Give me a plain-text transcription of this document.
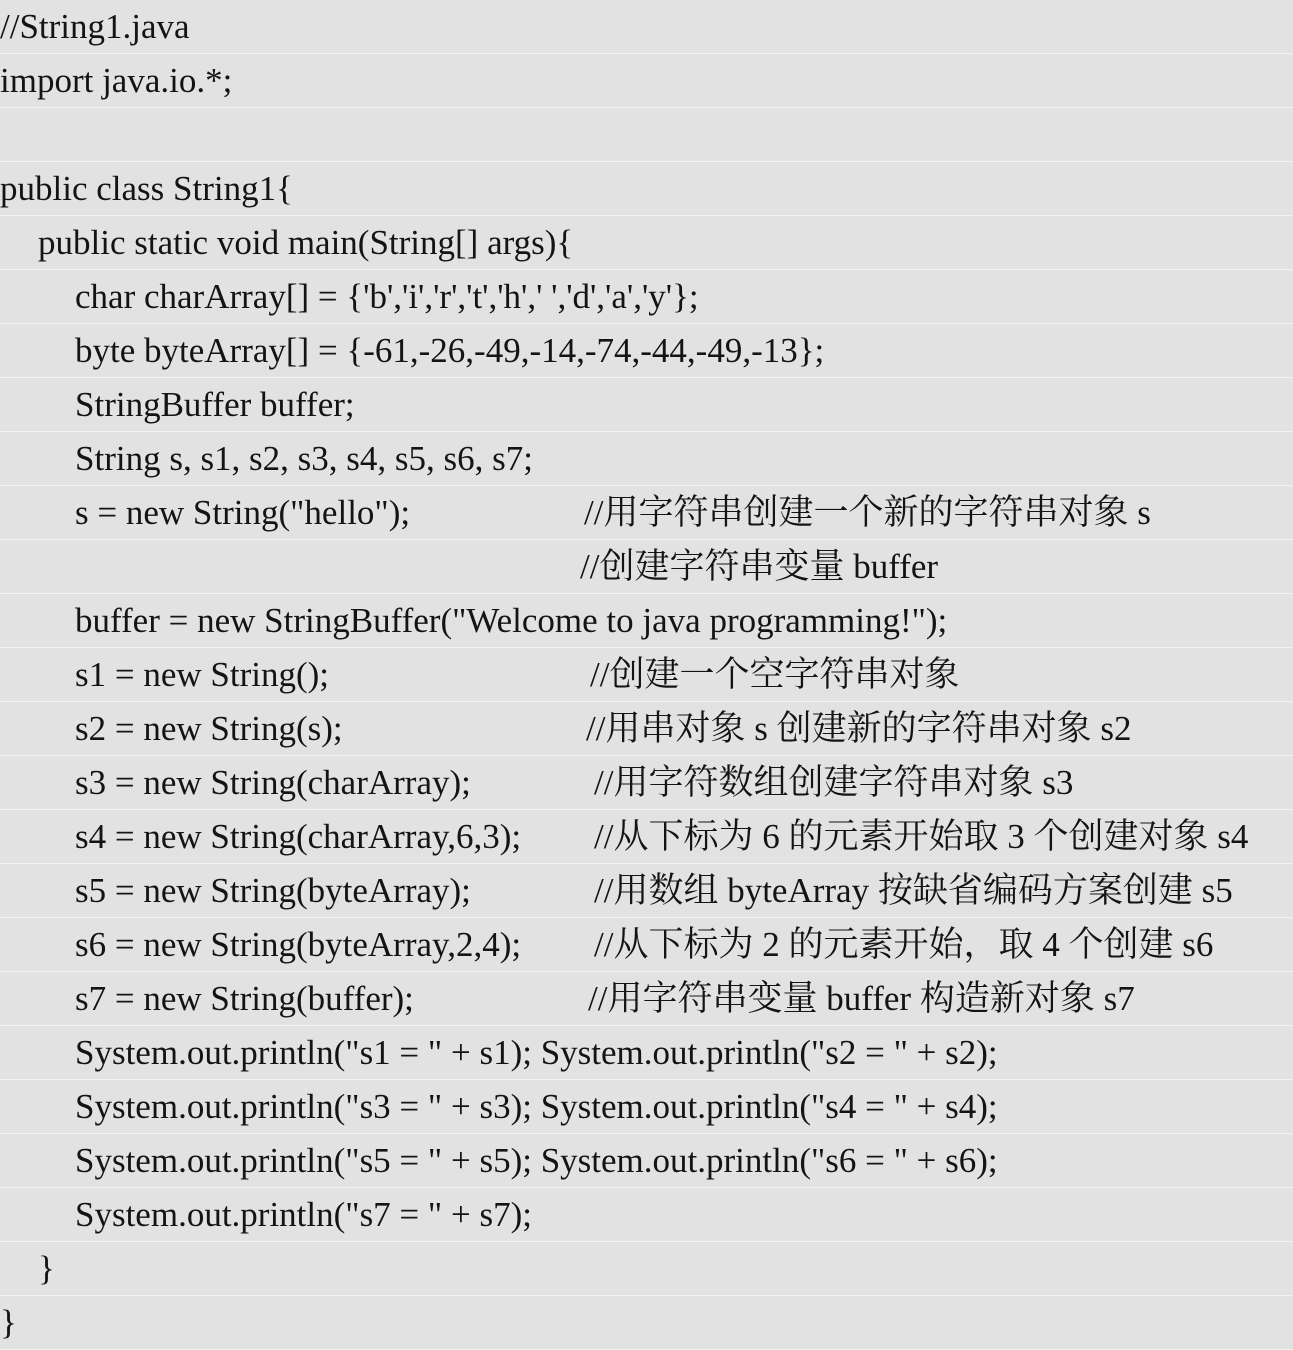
//String1.java
import java.io.*;
public class String1{
public static void main(String[] args){
char charArray[] = {'b','i','r','t','h',' ','d','a','y'};
byte byteArray[] = {-61,-26,-49,-14,-74,-44,-49,-13};
StringBuffer buffer;
String s, s1, s2, s3, s4, s5, s6, s7;
s = new String("hello");	//用字符串创建一个新的字符串对象 s
//创建字符串变量 buffer
buffer = new StringBuffer("Welcome to java programming!");
s1 = new String();	//创建一个空字符串对象
s2 = new String(s);	//用串对象 s 创建新的字符串对象 s2
s3 = new String(charArray);	//用字符数组创建字符串对象 s3
s4 = new String(charArray,6,3); //从下标为 6 的元素开始取 3 个创建对象 s4
s5 = new String(byteArray);	//用数组 byteArray 按缺省编码方案创建 s5
s6 = new String(byteArray,2,4); //从下标为 2 的元素开始，取 4 个创建 s6
s7 = new String(buffer);	//用字符串变量 buffer 构造新对象 s7
System.out.println("s1 = " + s1); System.out.println("s2 = " + s2);
System.out.println("s3 = " + s3); System.out.println("s4 = " + s4);
System.out.println("s5 = " + s5); System.out.println("s6 = " + s6);
System.out.println("s7 = " + s7);
}
}
